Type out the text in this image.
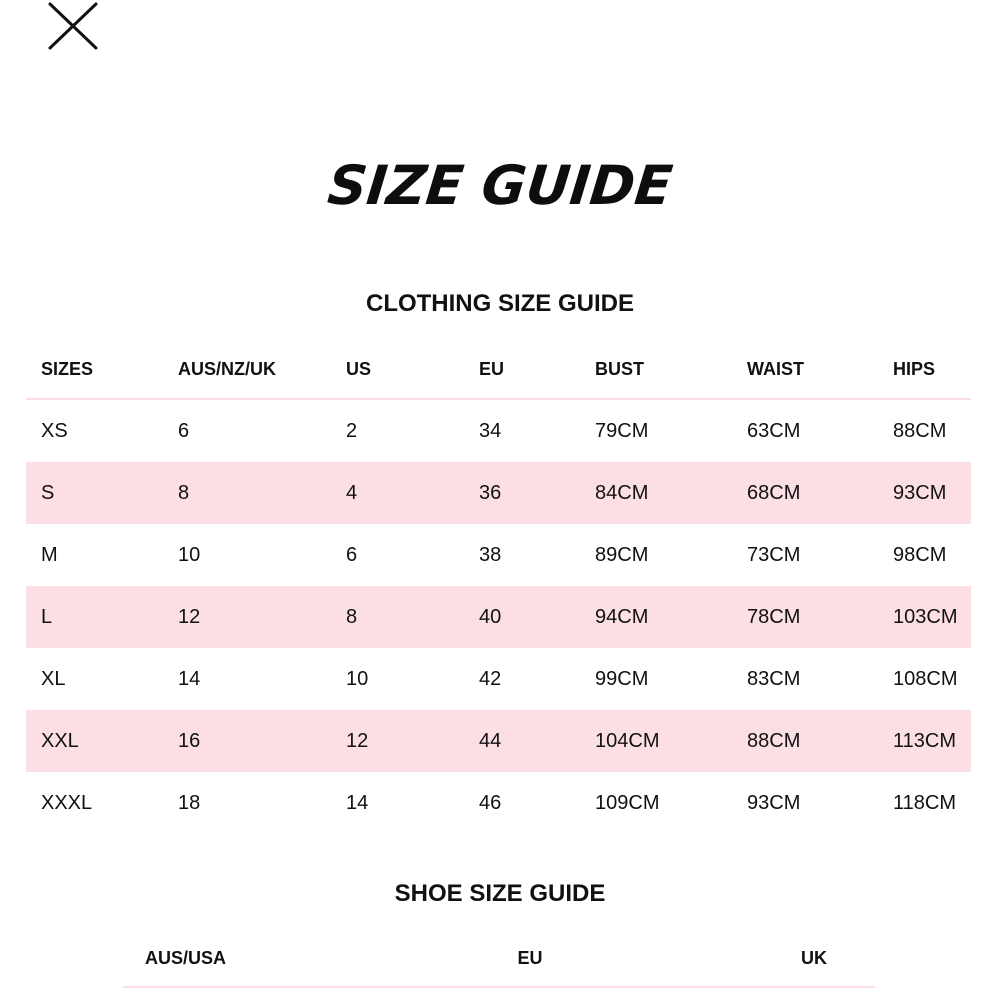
SIZE GUIDE
CLOTHING SIZE GUIDE
SIZES	AUS/NZ/UK	US	EU	BUST	WAIST	HIPS
XS	6	2	34	79CM	63CM	88CM
S	8	4	36	84CM	68CM	93CM
M	10	6	38	89CM	73CM	98CM
L	12	8	40	94CM	78CM	103CM
XL	14	10	42	99CM	83CM	108CM
XXL	16	12	44	104CM	88CM	113CM
XXXL	18	14	46	109CM	93CM	118CM
SHOE SIZE GUIDE
AUS/USA	EU	UK
